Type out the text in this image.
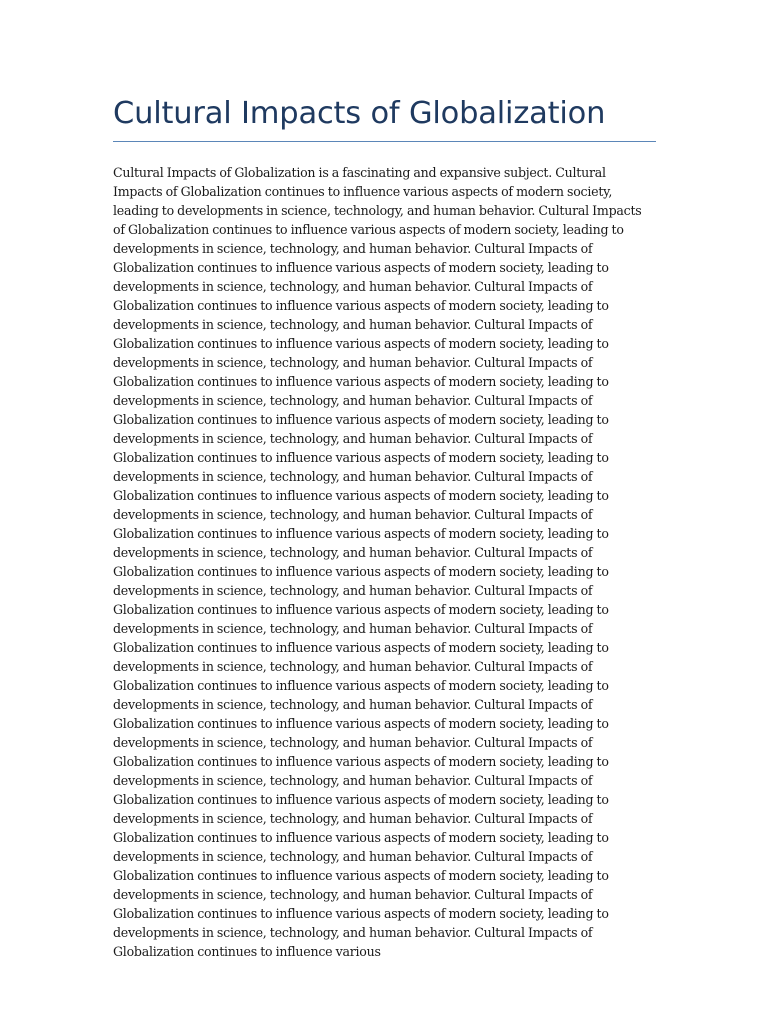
Cultural Impacts of Globalization

Cultural Impacts of Globalization is a fascinating and expansive subject. Cultural Impacts of Globalization continues to influence various aspects of modern society, leading to developments in science, technology, and human behavior. Cultural Impacts of Globalization continues to influence various aspects of modern society, leading to developments in science, technology, and human behavior. Cultural Impacts of Globalization continues to influence various aspects of modern society, leading to developments in science, technology, and human behavior. Cultural Impacts of Globalization continues to influence various aspects of modern society, leading to developments in science, technology, and human behavior. Cultural Impacts of Globalization continues to influence various aspects of modern society, leading to developments in science, technology, and human behavior. Cultural Impacts of Globalization continues to influence various aspects of modern society, leading to developments in science, technology, and human behavior. Cultural Impacts of Globalization continues to influence various aspects of modern society, leading to developments in science, technology, and human behavior. Cultural Impacts of Globalization continues to influence various aspects of modern society, leading to developments in science, technology, and human behavior. Cultural Impacts of Globalization continues to influence various aspects of modern society, leading to developments in science, technology, and human behavior. Cultural Impacts of Globalization continues to influence various aspects of modern society, leading to developments in science, technology, and human behavior. Cultural Impacts of Globalization continues to influence various aspects of modern society, leading to developments in science, technology, and human behavior. Cultural Impacts of Globalization continues to influence various aspects of modern society, leading to developments in science, technology, and human behavior. Cultural Impacts of Globalization continues to influence various aspects of modern society, leading to developments in science, technology, and human behavior. Cultural Impacts of Globalization continues to influence various aspects of modern society, leading to developments in science, technology, and human behavior. Cultural Impacts of Globalization continues to influence various aspects of modern society, leading to developments in science, technology, and human behavior. Cultural Impacts of Globalization continues to influence various aspects of modern society, leading to developments in science, technology, and human behavior. Cultural Impacts of Globalization continues to influence various aspects of modern society, leading to developments in science, technology, and human behavior. Cultural Impacts of Globalization continues to influence various aspects of modern society, leading to developments in science, technology, and human behavior. Cultural Impacts of Globalization continues to influence various aspects of modern society, leading to developments in science, technology, and human behavior. Cultural Impacts of Globalization continues to influence various aspects of modern society, leading to developments in science, technology, and human behavior. Cultural Impacts of Globalization continues to influence various
